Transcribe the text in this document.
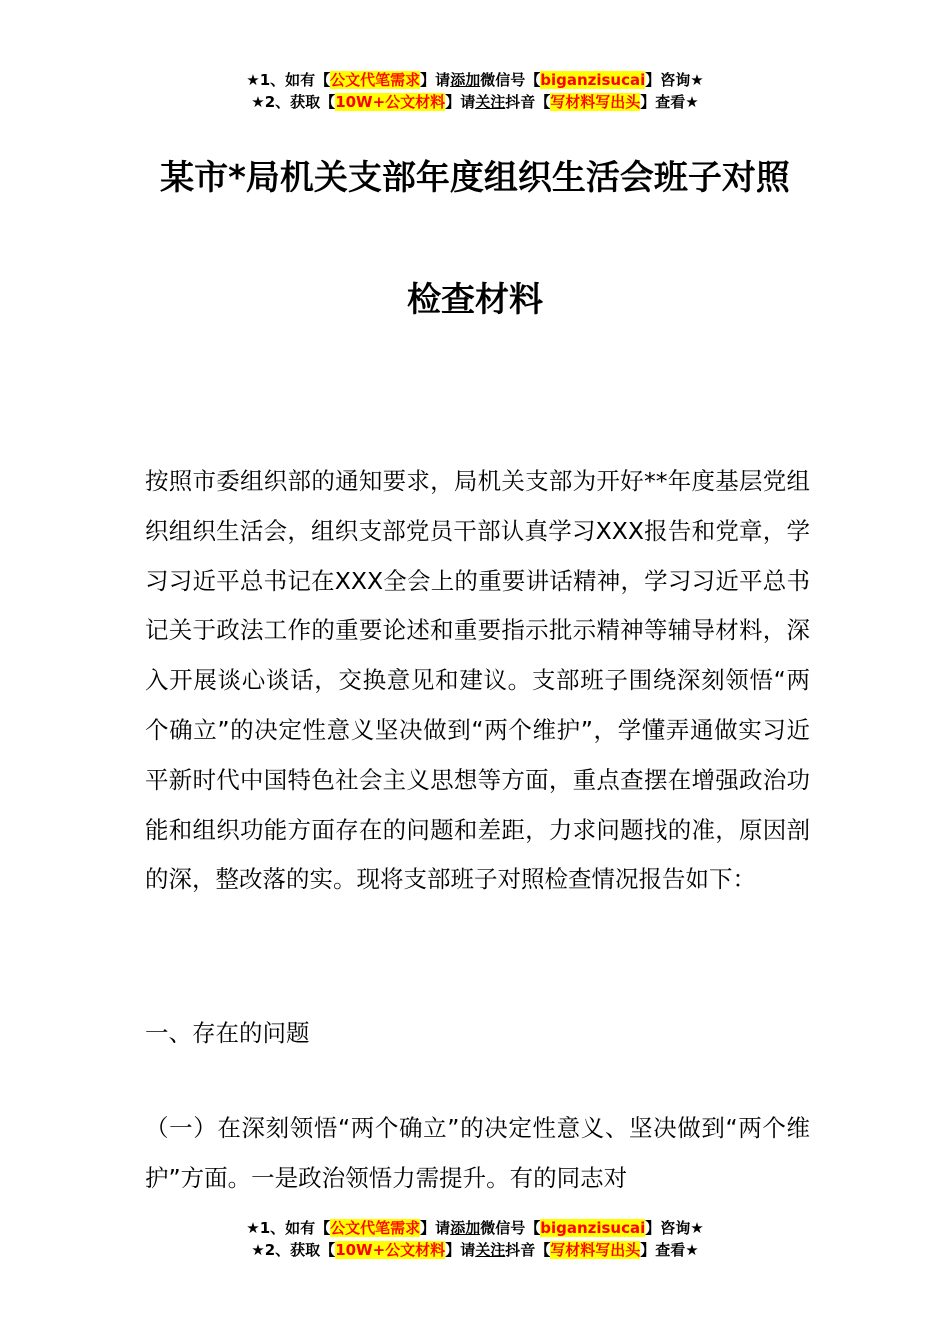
★1、如有【公文代笔需求】请添加微信号【biganzisucai】咨询★
★2、获取【10W+公文材料】请关注抖音【写材料写出头】查看★
某市*局机关支部年度组织生活会班子对照
检查材料
按照市委组织部的通知要求，局机关支部为开好**年度基层党组织组织生活会，组织支部党员干部认真学习XXX报告和党章，学习习近平总书记在XXX全会上的重要讲话精神，学习习近平总书记关于政法工作的重要论述和重要指示批示精神等辅导材料，深入开展谈心谈话，交换意见和建议。支部班子围绕深刻领悟“两个确立”的决定性意义坚决做到“两个维护”，学懂弄通做实习近平新时代中国特色社会主义思想等方面，重点查摆在增强政治功能和组织功能方面存在的问题和差距，力求问题找的准，原因剖的深，整改落的实。现将支部班子对照检查情况报告如下：
一、存在的问题
（一）在深刻领悟“两个确立”的决定性意义、坚决做到“两个维护”方面。一是政治领悟力需提升。有的同志对
★1、如有【公文代笔需求】请添加微信号【biganzisucai】咨询★
★2、获取【10W+公文材料】请关注抖音【写材料写出头】查看★
